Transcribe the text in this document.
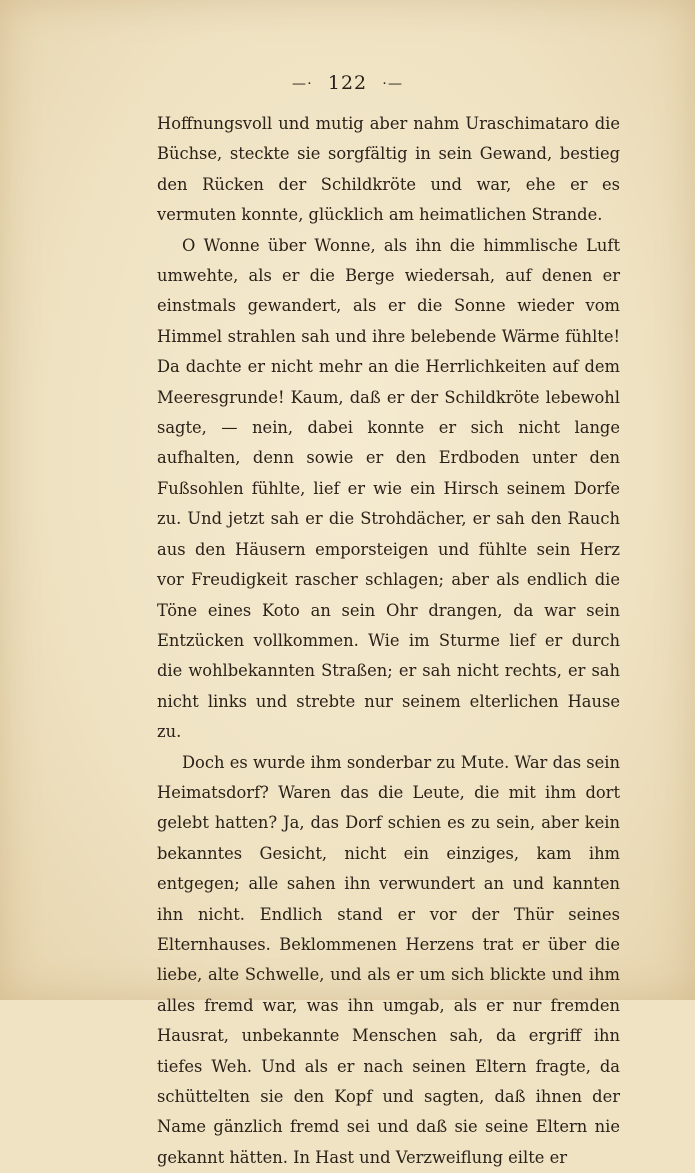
—⋅ 122 ⋅—

Hoffnungsvoll und mutig aber nahm Uraschimataro die Büchse, steckte sie sorgfältig in sein Gewand, bestieg den Rücken der Schildkröte und war, ehe er es vermuten konnte, glücklich am heimatlichen Strande.

O Wonne über Wonne, als ihn die himmlische Luft umwehte, als er die Berge wiedersah, auf denen er einstmals gewandert, als er die Sonne wieder vom Himmel strahlen sah und ihre belebende Wärme fühlte! Da dachte er nicht mehr an die Herrlichkeiten auf dem Meeresgrunde! Kaum, daß er der Schildkröte lebewohl sagte, — nein, dabei konnte er sich nicht lange aufhalten, denn sowie er den Erdboden unter den Fußsohlen fühlte, lief er wie ein Hirsch seinem Dorfe zu. Und jetzt sah er die Strohdächer, er sah den Rauch aus den Häusern emporsteigen und fühlte sein Herz vor Freudigkeit rascher schlagen; aber als endlich die Töne eines Koto an sein Ohr drangen, da war sein Entzücken vollkommen. Wie im Sturme lief er durch die wohlbekannten Straßen; er sah nicht rechts, er sah nicht links und strebte nur seinem elterlichen Hause zu.

Doch es wurde ihm sonderbar zu Mute. War das sein Heimatsdorf? Waren das die Leute, die mit ihm dort gelebt hatten? Ja, das Dorf schien es zu sein, aber kein bekanntes Gesicht, nicht ein einziges, kam ihm entgegen; alle sahen ihn verwundert an und kannten ihn nicht. Endlich stand er vor der Thür seines Elternhauses. Beklommenen Herzens trat er über die liebe, alte Schwelle, und als er um sich blickte und ihm alles fremd war, was ihn umgab, als er nur fremden Hausrat, unbekannte Menschen sah, da ergriff ihn tiefes Weh. Und als er nach seinen Eltern fragte, da schüttelten sie den Kopf und sagten, daß ihnen der Name gänzlich fremd sei und daß sie seine Eltern nie gekannt hätten. In Hast und Verzweiflung eilte er
